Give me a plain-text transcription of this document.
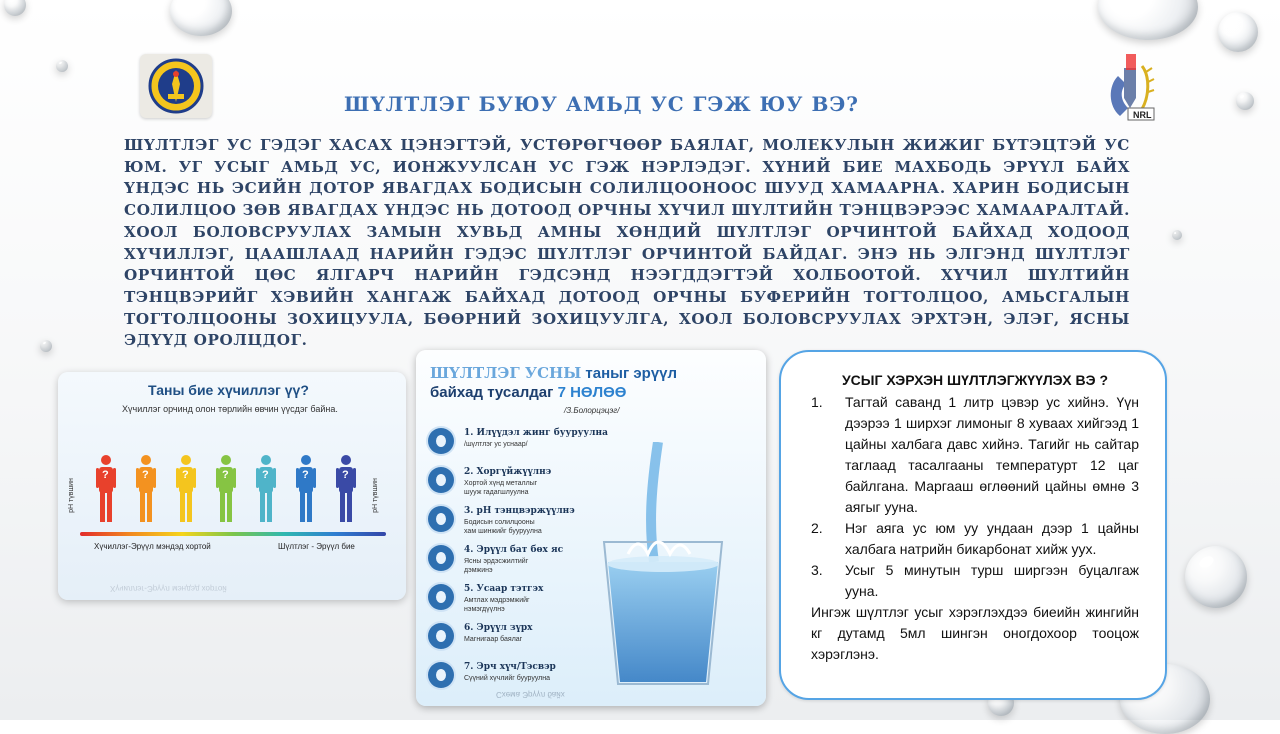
NRL
ШҮЛТЛЭГ БУЮУ АМЬД УС ГЭЖ ЮУ ВЭ?

ШҮЛТЛЭГ УС ГЭДЭГ ХАСАХ ЦЭНЭГТЭЙ, УСТӨРӨГЧӨӨР БАЯЛАГ, МОЛЕКУЛЫН ЖИЖИГ БҮТЭЦТЭЙ УС ЮМ. УГ УСЫГ АМЬД УС, ИОНЖУУЛСАН УС ГЭЖ НЭРЛЭДЭГ. ХҮНИЙ БИЕ МАХБОДЬ ЭРҮҮЛ БАЙХ ҮНДЭС НЬ ЭСИЙН ДОТОР ЯВАГДАХ БОДИСЫН СОЛИЛЦООНООС ШУУД ХАМААРНА. ХАРИН БОДИСЫН СОЛИЛЦОО ЗӨВ ЯВАГДАХ ҮНДЭС НЬ ДОТООД ОРЧНЫ ХҮЧИЛ ШҮЛТИЙН ТЭНЦВЭРЭЭС ХАМААРАЛТАЙ. ХООЛ БОЛОВСРУУЛАХ ЗАМЫН ХУВЬД АМНЫ ХӨНДИЙ ШҮЛТЛЭГ ОРЧИНТОЙ БАЙХАД ХОДООД ХҮЧИЛЛЭГ, ЦААШЛААД НАРИЙН ГЭДЭС ШҮЛТЛЭГ ОРЧИНТОЙ БАЙДАГ. ЭНЭ НЬ ЭЛГЭНД ШҮЛТЛЭГ ОРЧИНТОЙ ЦӨС ЯЛГАРЧ НАРИЙН ГЭДСЭНД НЭЭГДДЭГТЭЙ ХОЛБООТОЙ. ХҮЧИЛ ШҮЛТИЙН ТЭНЦВЭРИЙГ ХЭВИЙН ХАНГАЖ БАЙХАД ДОТООД ОРЧНЫ БУФЕРИЙН ТОГТОЛЦОО, АМЬСГАЛЫН ТОГТОЛЦООНЫ ЗОХИЦУУЛА, БӨӨРНИЙ ЗОХИЦУУЛГА, ХООЛ БОЛОВСРУУЛАХ ЭРХТЭН, ЭЛЭГ, ЯСНЫ ЭДҮҮД ОРОЛЦДОГ.

Таны бие хүчиллэг үү?
Хүчиллэг орчинд олон төрлийн өвчин үүсдэг байна.
pH түвшин	pH түвшин
?	?	?	?	?	?	?
Хүчиллэг-Эрүүл мэндэд хортой	Шүлтлэг - Эрүүл бие
Хүчиллэг-Эрүүл мэндэд хортой
ШҮЛТЛЭГ УСНЫ таныг эрүүл
байхад тусалдаг 7 НӨЛӨӨ
/З.Болорцэцэг/
1. Илүүдэл жинг бууруулна
/шүлтлэг ус уснаар/
2. Хоргүйжүүлнэ
Хортой хүнд металлыг
шууж гадагшлуулна
3. pH тэнцвэржүүлнэ
Бодисын солилцооны
хам шинжийг бууруулна
4. Эрүүл бат бөх яс
Ясны эрдэсжилтийг
дэмжинэ
5. Усаар тэтгэх
Амтлах мэдрэмжийг
нэмэгдүүлнэ
6. Эрүүл зүрх
Магнигаар баялаг
7. Эрч хүч/Тэсвэр
Сүүний хүчлийг бууруулна
Схема Эрүүл байх

УСЫГ ХЭРХЭН ШҮЛТЛЭГЖҮҮЛЭХ ВЭ ?

1. Тагтай саванд 1 литр цэвэр ус хийнэ. Үүн дээрээ 1 ширхэг лимоныг 8 хуваах хийгээд 1 цайны халбага давс хийнэ. Тагийг нь сайтар таглаад тасалгааны температурт 12 цаг байлгана. Маргааш өглөөний цайны өмнө 3 аягыг ууна.
2. Нэг аяга ус юм уу ундаан дээр 1 цайны халбага натрийн бикарбонат хийж уух.
3. Усыг 5 минутын турш ширгээн буцалгаж ууна.

Ингэж шүлтлэг усыг хэрэглэхдээ биеийн жингийн кг дутамд 5мл шингэн оногдохоор тооцож хэрэглэнэ.
